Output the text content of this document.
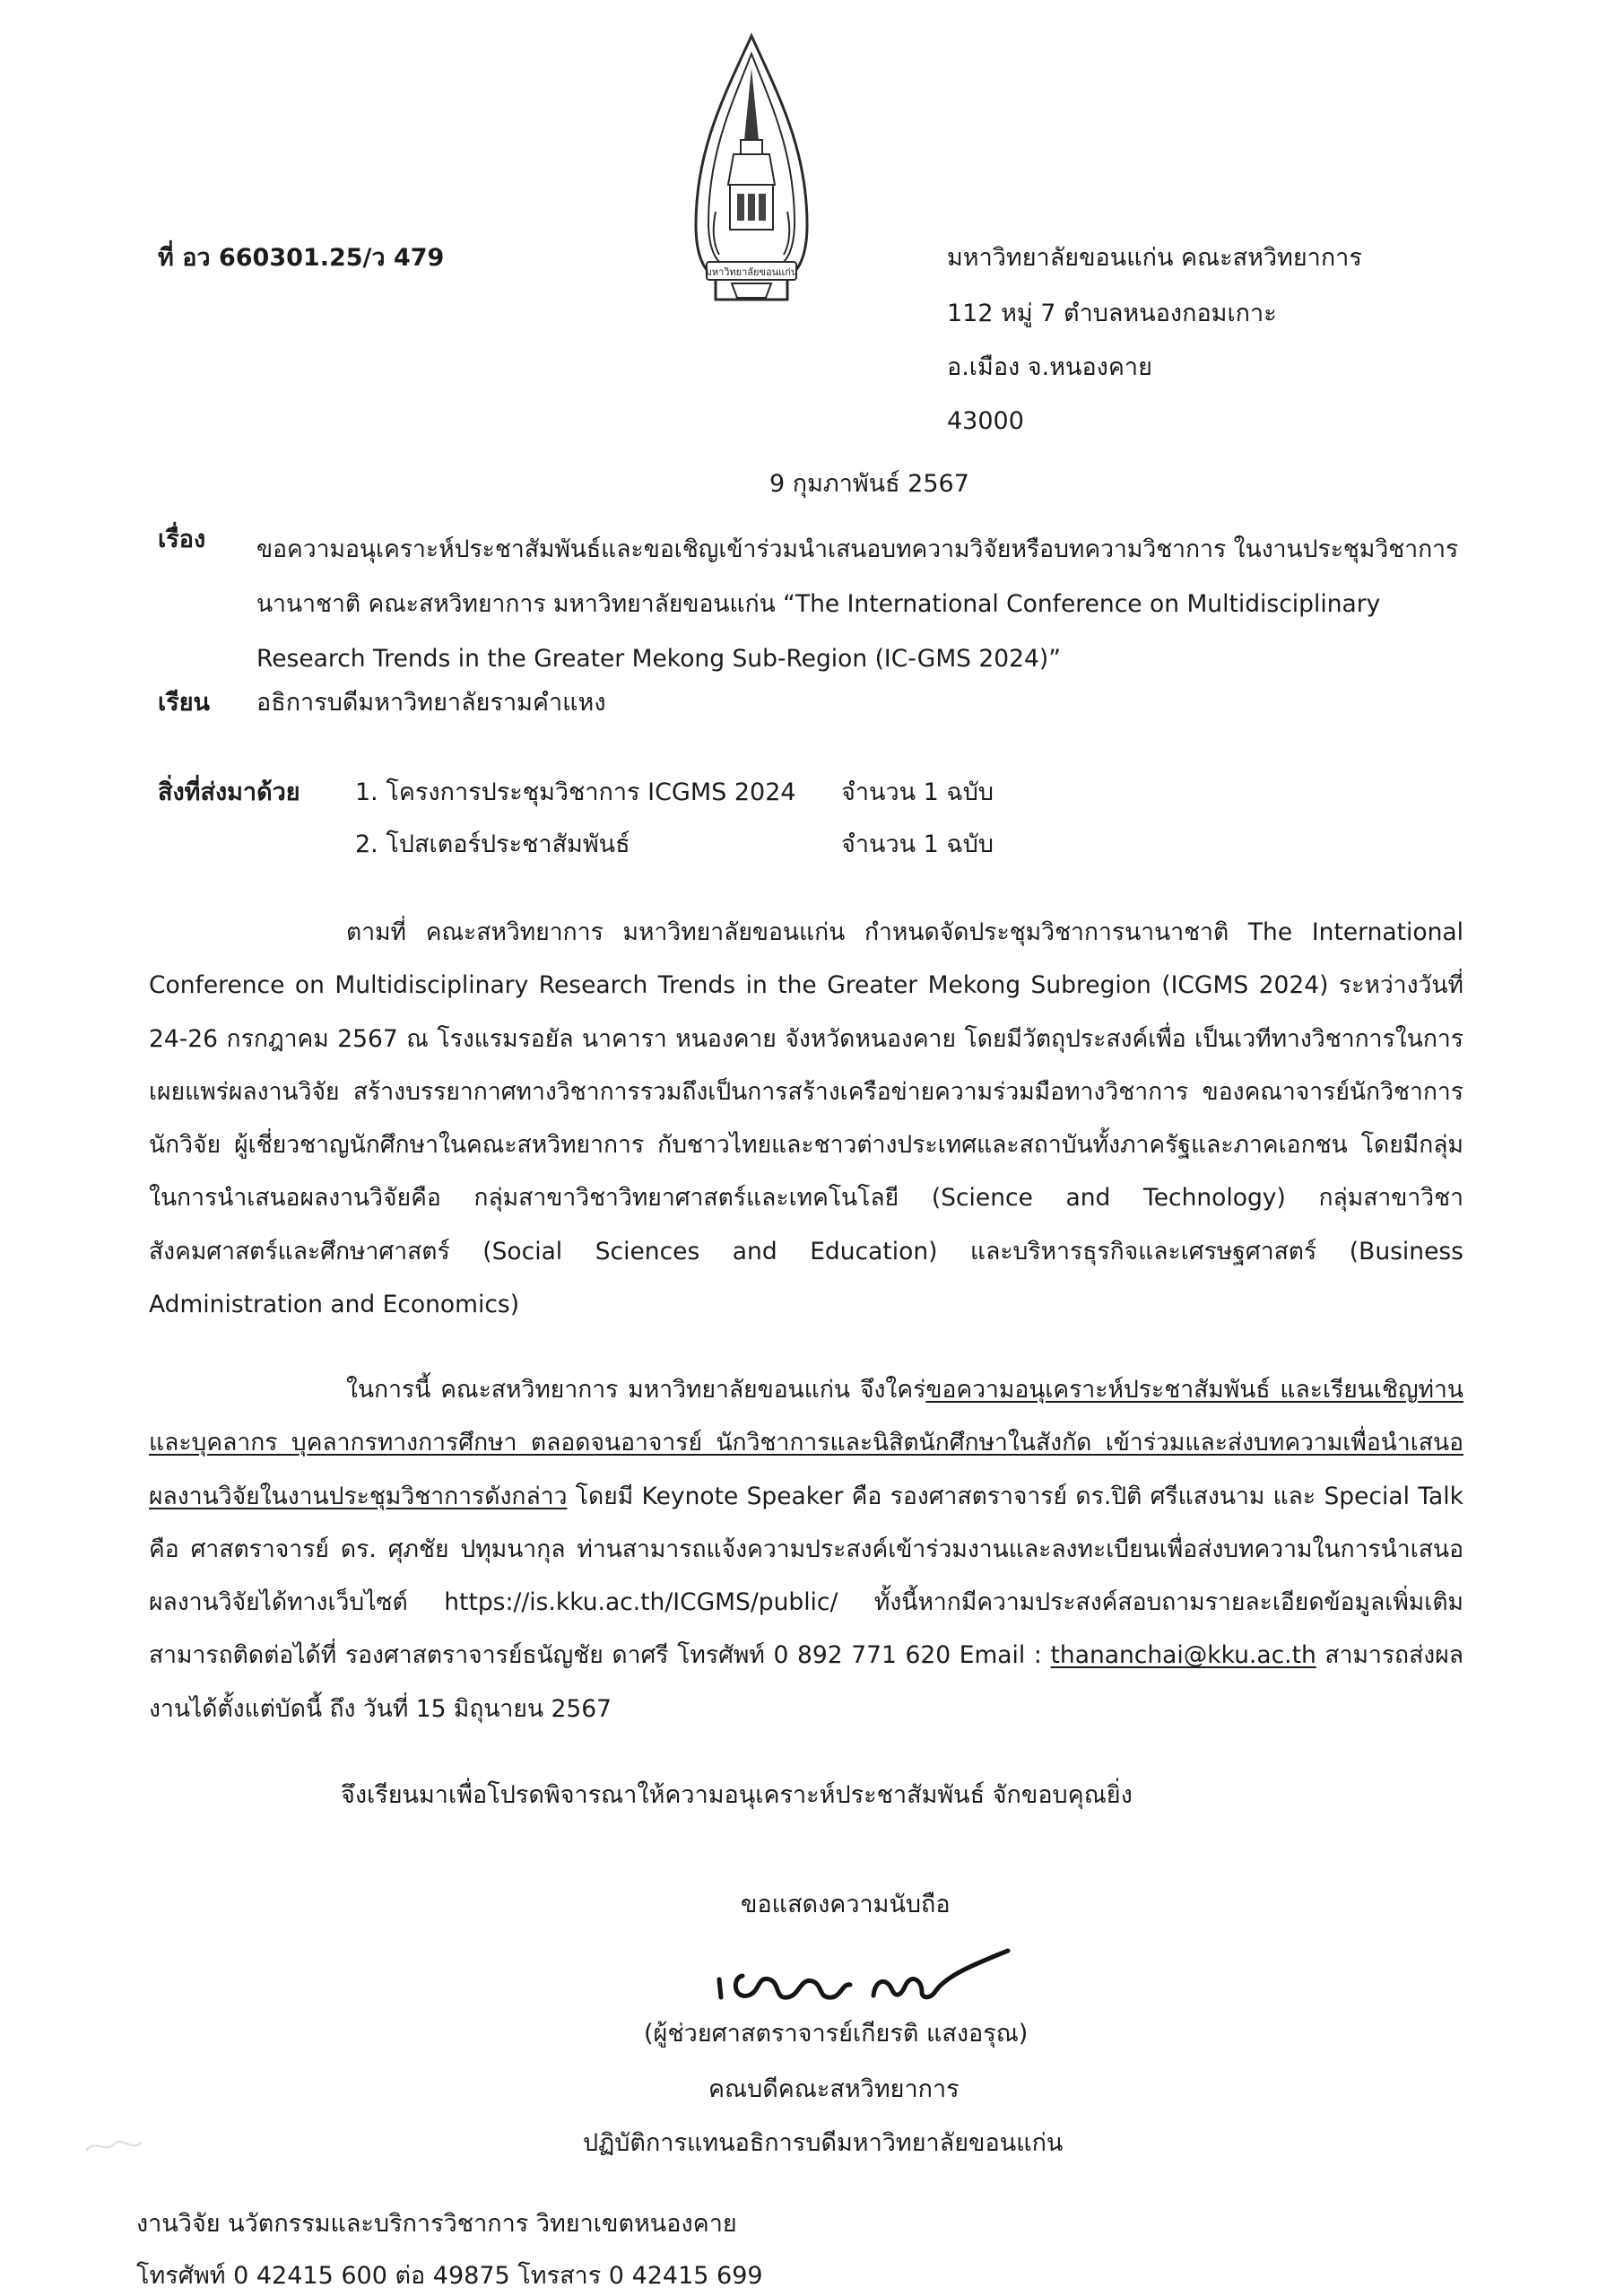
มหาวิทยาลัยขอนแก่น
ที่ อว 660301.25/ว 479	มหาวิทยาลัยขอนแก่น คณะสหวิทยาการ
112 หมู่ 7 ตำบลหนองกอมเกาะ
อ.เมือง จ.หนองคาย
43000
9 กุมภาพันธ์ 2567
เรื่อง ขอความอนุเคราะห์ประชาสัมพันธ์และขอเชิญเข้าร่วมนำเสนอบทความวิจัยหรือบทความวิชาการ ในงานประชุมวิชาการนานาชาติ คณะสหวิทยาการ มหาวิทยาลัยขอนแก่น “The International Conference on Multidisciplinary Research Trends in the Greater Mekong Sub-Region (IC-GMS 2024)”
เรียน อธิการบดีมหาวิทยาลัยรามคำแหง
สิ่งที่ส่งมาด้วย 1. โครงการประชุมวิชาการ ICGMS 2024 จำนวน 1 ฉบับ
2. โปสเตอร์ประชาสัมพันธ์	จำนวน 1 ฉบับ
ตามที่ คณะสหวิทยาการ มหาวิทยาลัยขอนแก่น กำหนดจัดประชุมวิชาการนานาชาติ The International Conference on Multidisciplinary Research Trends in the Greater Mekong Subregion (ICGMS 2024) ระหว่างวันที่ 24-26 กรกฎาคม 2567 ณ โรงแรมรอยัล นาคารา หนองคาย จังหวัดหนองคาย โดยมีวัตถุประสงค์เพื่อ เป็นเวทีทางวิชาการในการเผยแพร่ผลงานวิจัย สร้างบรรยากาศทางวิชาการรวมถึงเป็นการสร้างเครือข่ายความร่วมมือทางวิชาการ ของคณาจารย์นักวิชาการ นักวิจัย ผู้เชี่ยวชาญนักศึกษาในคณะสหวิทยาการ กับชาวไทยและชาวต่างประเทศและสถาบันทั้งภาครัฐและภาคเอกชน โดยมีกลุ่มในการนำเสนอผลงานวิจัยคือ กลุ่มสาขาวิชาวิทยาศาสตร์และเทคโนโลยี (Science and Technology) กลุ่มสาขาวิชาสังคมศาสตร์และศึกษาศาสตร์ (Social Sciences and Education) และบริหารธุรกิจและเศรษฐศาสตร์ (Business Administration and Economics)
ในการนี้ คณะสหวิทยาการ มหาวิทยาลัยขอนแก่น จึงใคร่ขอความอนุเคราะห์ประชาสัมพันธ์ และเรียนเชิญท่านและบุคลากร บุคลากรทางการศึกษา ตลอดจนอาจารย์ นักวิชาการและนิสิตนักศึกษาในสังกัด เข้าร่วมและส่งบทความเพื่อนำเสนอผลงานวิจัยในงานประชุมวิชาการดังกล่าว โดยมี Keynote Speaker คือ รองศาสตราจารย์ ดร.ปิติ ศรีแสงนาม และ Special Talk คือ ศาสตราจารย์ ดร. ศุภชัย ปทุมนากุล ท่านสามารถแจ้งความประสงค์เข้าร่วมงานและลงทะเบียนเพื่อส่งบทความในการนำเสนอผลงานวิจัยได้ทางเว็บไซต์ https://is.kku.ac.th/ICGMS/public/ ทั้งนี้หากมีความประสงค์สอบถามรายละเอียดข้อมูลเพิ่มเติม สามารถติดต่อได้ที่ รองศาสตราจารย์ธนัญชัย ดาศรี โทรศัพท์ 0 892 771 620 Email : thananchai@kku.ac.th สามารถส่งผลงานได้ตั้งแต่บัดนี้ ถึง วันที่ 15 มิถุนายน 2567
จึงเรียนมาเพื่อโปรดพิจารณาให้ความอนุเคราะห์ประชาสัมพันธ์ จักขอบคุณยิ่ง
ขอแสดงความนับถือ
(ผู้ช่วยศาสตราจารย์เกียรติ แสงอรุณ)
คณบดีคณะสหวิทยาการ
ปฏิบัติการแทนอธิการบดีมหาวิทยาลัยขอนแก่น
งานวิจัย นวัตกรรมและบริการวิชาการ วิทยาเขตหนองคาย
โทรศัพท์ 0 42415 600 ต่อ 49875 โทรสาร 0 42415 699
